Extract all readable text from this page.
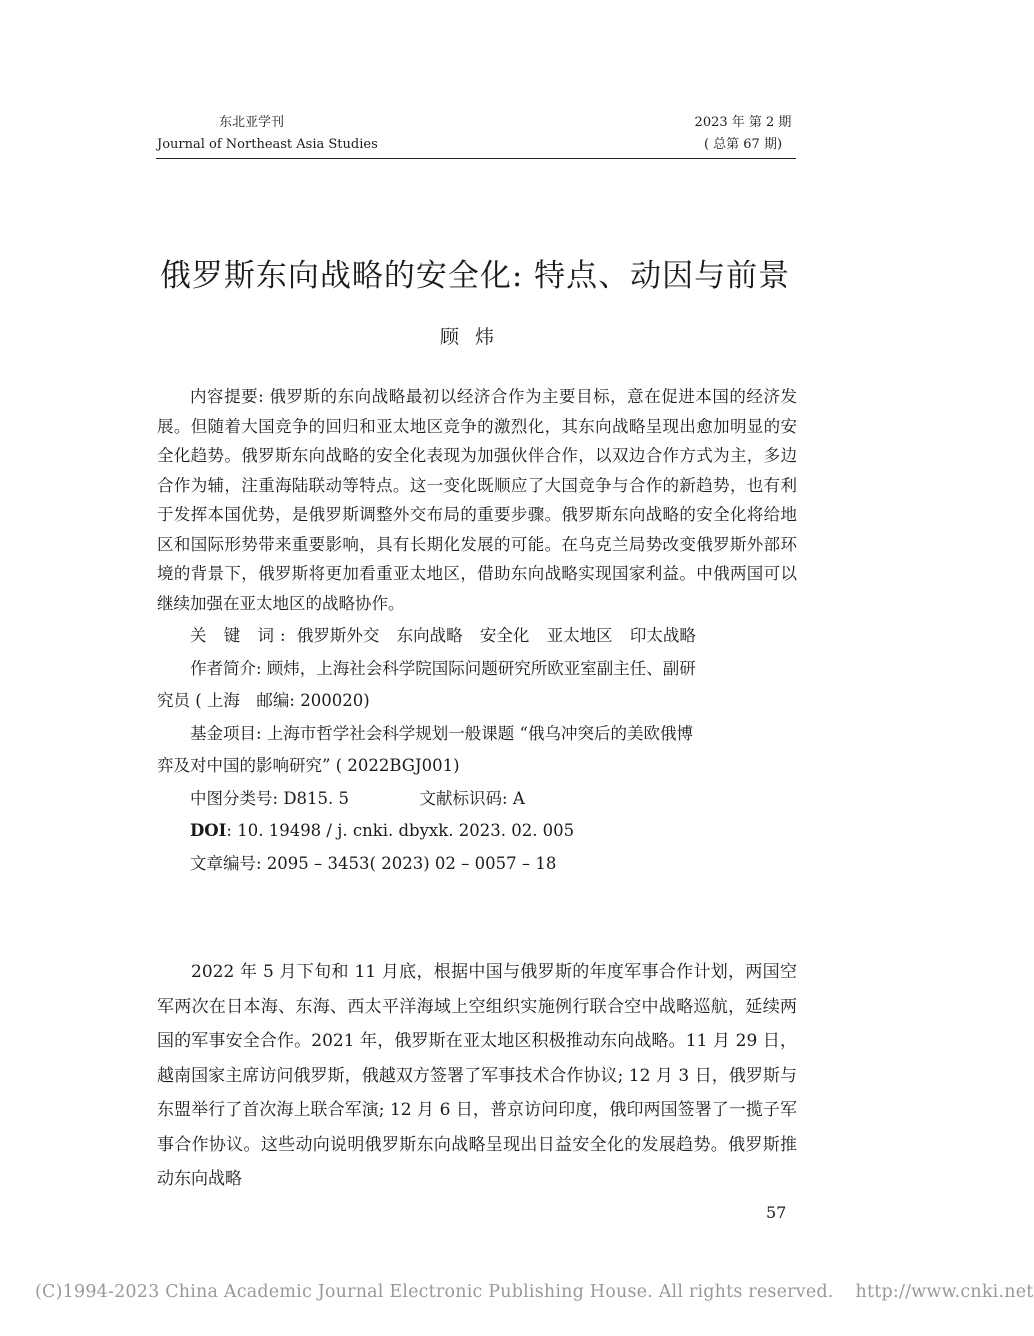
东北亚学刊
Journal of Northeast Asia Studies
2023 年 第 2 期
( 总第 67 期)
俄罗斯东向战略的安全化: 特点、动因与前景
顾炜

内容提要: 俄罗斯的东向战略最初以经济合作为主要目标，意在促进本国的经济发展。但随着大国竞争的回归和亚太地区竞争的激烈化，其东向战略呈现出愈加明显的安全化趋势。俄罗斯东向战略的安全化表现为加强伙伴合作，以双边合作方式为主，多边合作为辅，注重海陆联动等特点。这一变化既顺应了大国竞争与合作的新趋势，也有利于发挥本国优势，是俄罗斯调整外交布局的重要步骤。俄罗斯东向战略的安全化将给地区和国际形势带来重要影响，具有长期化发展的可能。在乌克兰局势改变俄罗斯外部环境的背景下，俄罗斯将更加看重亚太地区，借助东向战略实现国家利益。中俄两国可以继续加强在亚太地区的战略协作。

关 键 词: 俄罗斯外交 东向战略 安全化 亚太地区 印太战略
作者简介: 顾炜，上海社会科学院国际问题研究所欧亚室副主任、副研
究员 ( 上海　邮编: 200020)
基金项目: 上海市哲学社会科学规划一般课题 “俄乌冲突后的美欧俄博
弈及对中国的影响研究” ( 2022BGJ001)
中图分类号: D815. 5	文献标识码: A
DOI: 10. 19498 / j. cnki. dbyxk. 2023. 02. 005
文章编号: 2095 – 3453( 2023) 02 – 0057 – 18

2022 年 5 月下旬和 11 月底，根据中国与俄罗斯的年度军事合作计划，两国空军两次在日本海、东海、西太平洋海域上空组织实施例行联合空中战略巡航，延续两国的军事安全合作。2021 年，俄罗斯在亚太地区积极推动东向战略。11 月 29 日，越南国家主席访问俄罗斯，俄越双方签署了军事技术合作协议; 12 月 3 日，俄罗斯与东盟举行了首次海上联合军演; 12 月 6 日，普京访问印度，俄印两国签署了一揽子军事合作协议。这些动向说明俄罗斯东向战略呈现出日益安全化的发展趋势。俄罗斯推动东向战略

57
(C)1994-2023 China Academic Journal Electronic Publishing House. All rights reserved. http://www.cnki.net
